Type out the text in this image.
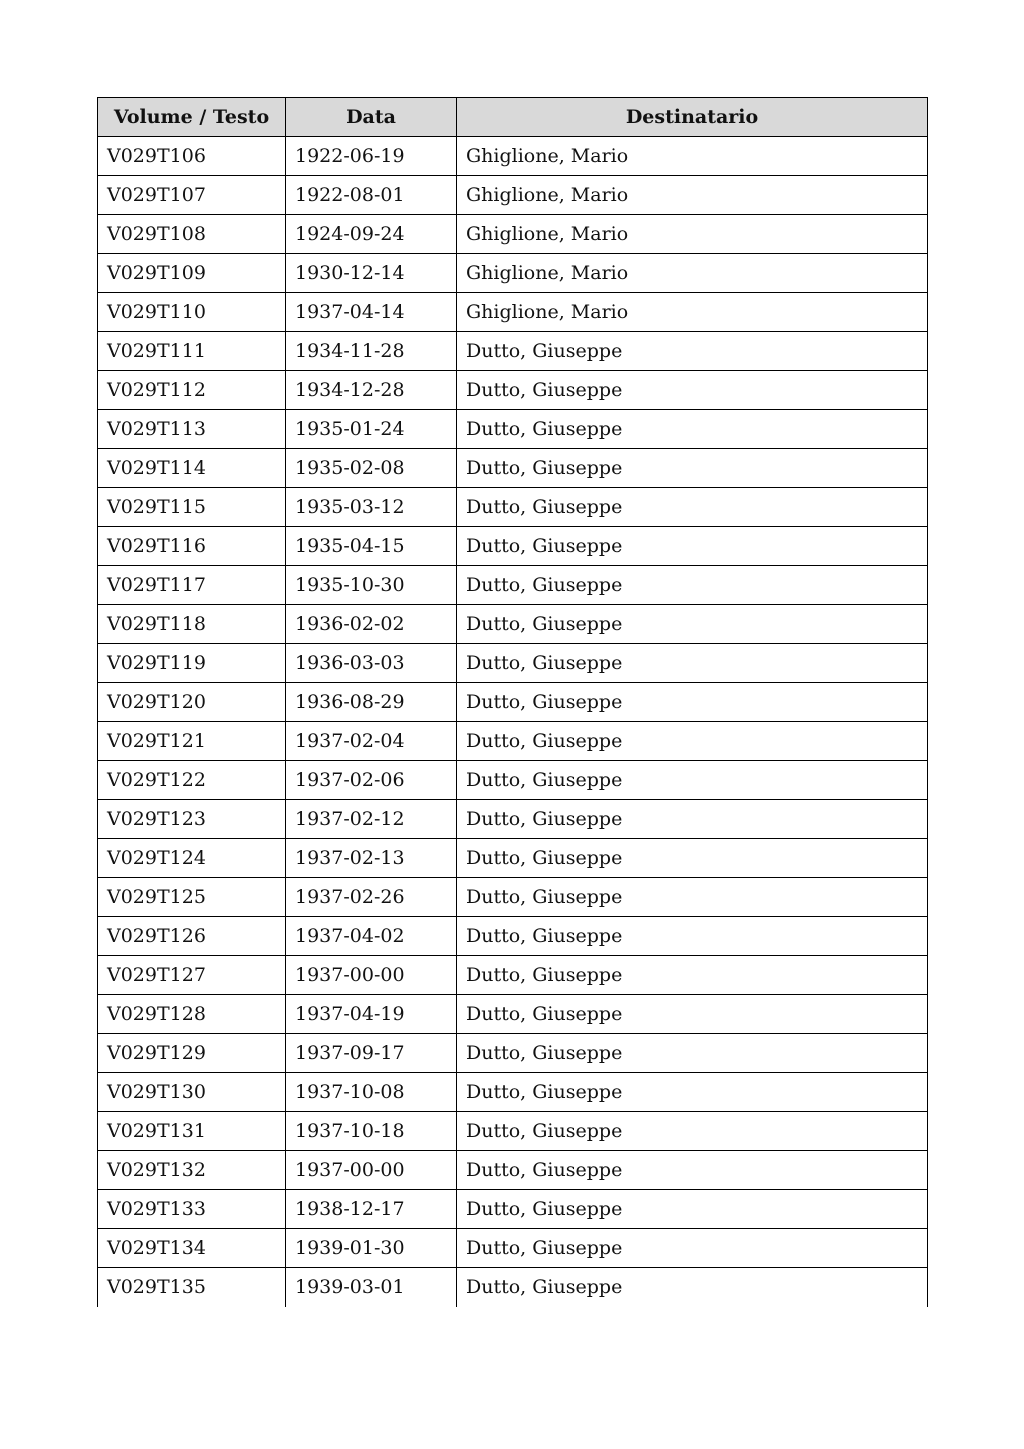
Volume / Testo	Data	Destinatario
V029T106	1922-06-19	Ghiglione, Mario
V029T107	1922-08-01	Ghiglione, Mario
V029T108	1924-09-24	Ghiglione, Mario
V029T109	1930-12-14	Ghiglione, Mario
V029T110	1937-04-14	Ghiglione, Mario
V029T111	1934-11-28	Dutto, Giuseppe
V029T112	1934-12-28	Dutto, Giuseppe
V029T113	1935-01-24	Dutto, Giuseppe
V029T114	1935-02-08	Dutto, Giuseppe
V029T115	1935-03-12	Dutto, Giuseppe
V029T116	1935-04-15	Dutto, Giuseppe
V029T117	1935-10-30	Dutto, Giuseppe
V029T118	1936-02-02	Dutto, Giuseppe
V029T119	1936-03-03	Dutto, Giuseppe
V029T120	1936-08-29	Dutto, Giuseppe
V029T121	1937-02-04	Dutto, Giuseppe
V029T122	1937-02-06	Dutto, Giuseppe
V029T123	1937-02-12	Dutto, Giuseppe
V029T124	1937-02-13	Dutto, Giuseppe
V029T125	1937-02-26	Dutto, Giuseppe
V029T126	1937-04-02	Dutto, Giuseppe
V029T127	1937-00-00	Dutto, Giuseppe
V029T128	1937-04-19	Dutto, Giuseppe
V029T129	1937-09-17	Dutto, Giuseppe
V029T130	1937-10-08	Dutto, Giuseppe
V029T131	1937-10-18	Dutto, Giuseppe
V029T132	1937-00-00	Dutto, Giuseppe
V029T133	1938-12-17	Dutto, Giuseppe
V029T134	1939-01-30	Dutto, Giuseppe
V029T135	1939-03-01	Dutto, Giuseppe
